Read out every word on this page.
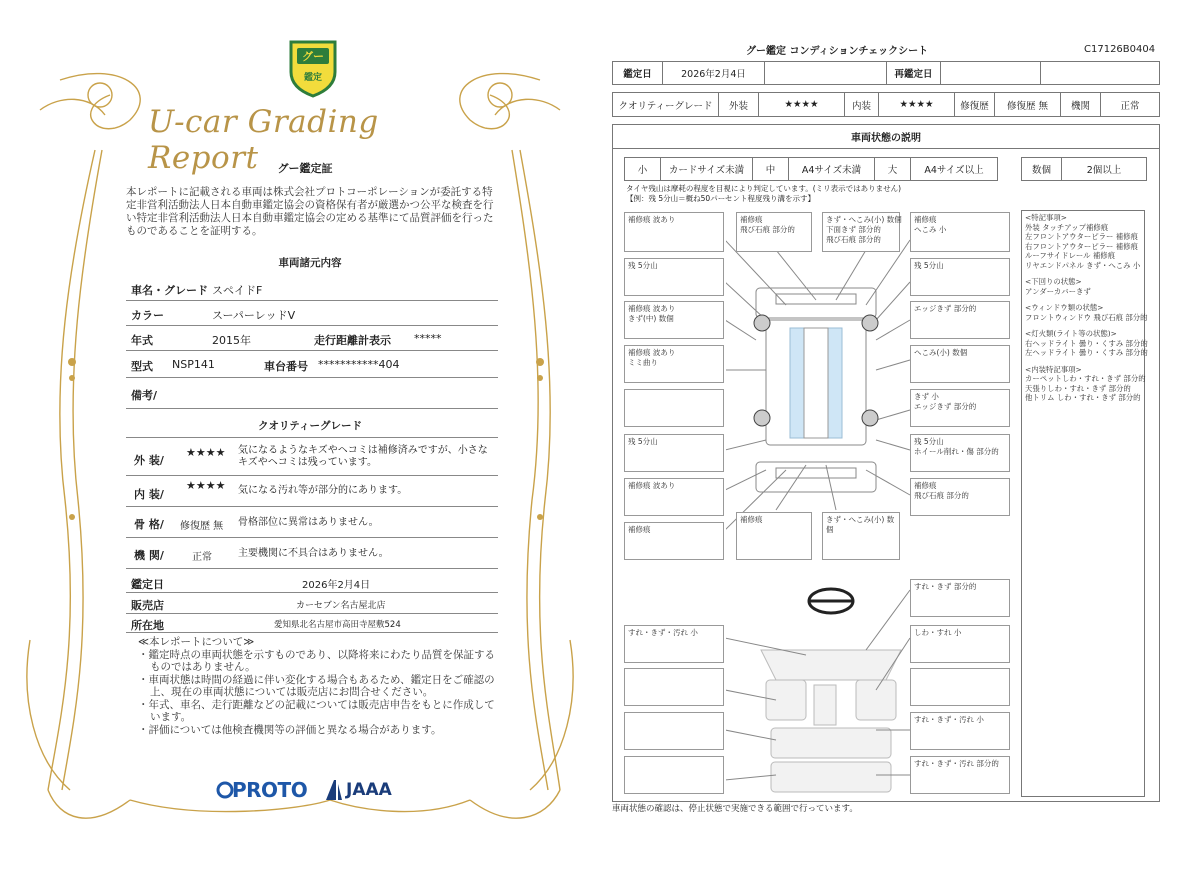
グー
鑑定
U-car Grading Report	グー鑑定証
本レポートに記載される車両は株式会社プロトコーポレーションが委託する特定非営利活動法人日本自動車鑑定協会の資格保有者が厳選かつ公平な検査を行い特定非営利活動法人日本自動車鑑定協会の定める基準にて品質評価を行ったものであることを証明する。
車両諸元内容
車名・グレード スペイドF
カラー	スーパーレッドV
年式	2015年	走行距離計表示 *****
型式 NSP141	車台番号 ***********404
備考/
クオリティーグレード
外 装/
★★★★ 気になるようなキズやヘコミは補修済みですが、小さなキズやヘコミは残っています。
内 装/
★★★★ 気になる汚れ等が部分的にあります。
骨 格/ 修復歴 無 骨格部位に異常はありません。
機 関/	正常	主要機関に不具合はありません。
鑑定日	2026年2月4日
販売店	カーセブン名古屋北店
所在地	愛知県北名古屋市高田寺屋敷524
≪本レポートについて≫
・鑑定時点の車両状態を示すものであり、以降将来にわたり品質を保証するものではありません。
・車両状態は時間の経過に伴い変化する場合もあるため、鑑定日をご確認の上、現在の車両状態については販売店にお問合せください。
・年式、車名、走行距離などの記載については販売店申告をもとに作成しています。
・評価については他検査機関等の評価と異なる場合があります。
PROTO JAAA
グー鑑定 コンディションチェックシート	C17126B0404
鑑定日	2026年2月4日	再鑑定日
クオリティーグレード	外装	★★★★	内装	★★★★	修復歴	修復歴 無	機関	正常
車両状態の説明
小	カードサイズ未満	中	A4サイズ未満	大	A4サイズ以上	数個	2個以上
タイヤ残山は摩耗の程度を目視により判定しています。(ミリ表示ではありません)
【例：残 5分山＝概ね50パーセント程度残り溝を示す】
補修痕 波あり
残 5分山
補修痕 波あり
きず(中) 数個
補修痕 波あり
ミミ曲り
残 5分山
補修痕 波あり
補修痕
補修痕
飛び石痕 部分的
きず・へこみ(小) 数個
下面きず 部分的
飛び石痕 部分的
補修痕
へこみ 小
残 5分山
エッジきず 部分的
へこみ(小) 数個
きず 小
エッジきず 部分的
残 5分山
ホイール削れ・傷 部分的
補修痕
飛び石痕 部分的
補修痕	きず・へこみ(小) 数個
すれ・きず 部分的
すれ・きず・汚れ 小	しわ・すれ 小
すれ・きず・汚れ 小
すれ・きず・汚れ 部分的

<特記事項>
外装 タッチアップ補修痕
左フロントアウターピラー 補修痕
右フロントアウターピラー 補修痕
ルーフサイドレール 補修痕
リヤエンドパネル きず・へこみ 小

<下回りの状態>
アンダーカバーきず

<ウィンドウ類の状態>
フロントウィンドウ 飛び石痕 部分的

<灯火類(ライト等の状態)>
右ヘッドライト 曇り・くすみ 部分的
左ヘッドライト 曇り・くすみ 部分的

<内装特記事項>
カーペットしわ・すれ・きず 部分的
天張りしわ・すれ・きず 部分的
他トリム しわ・すれ・きず 部分的

車両状態の確認は、停止状態で実施できる範囲で行っています。
